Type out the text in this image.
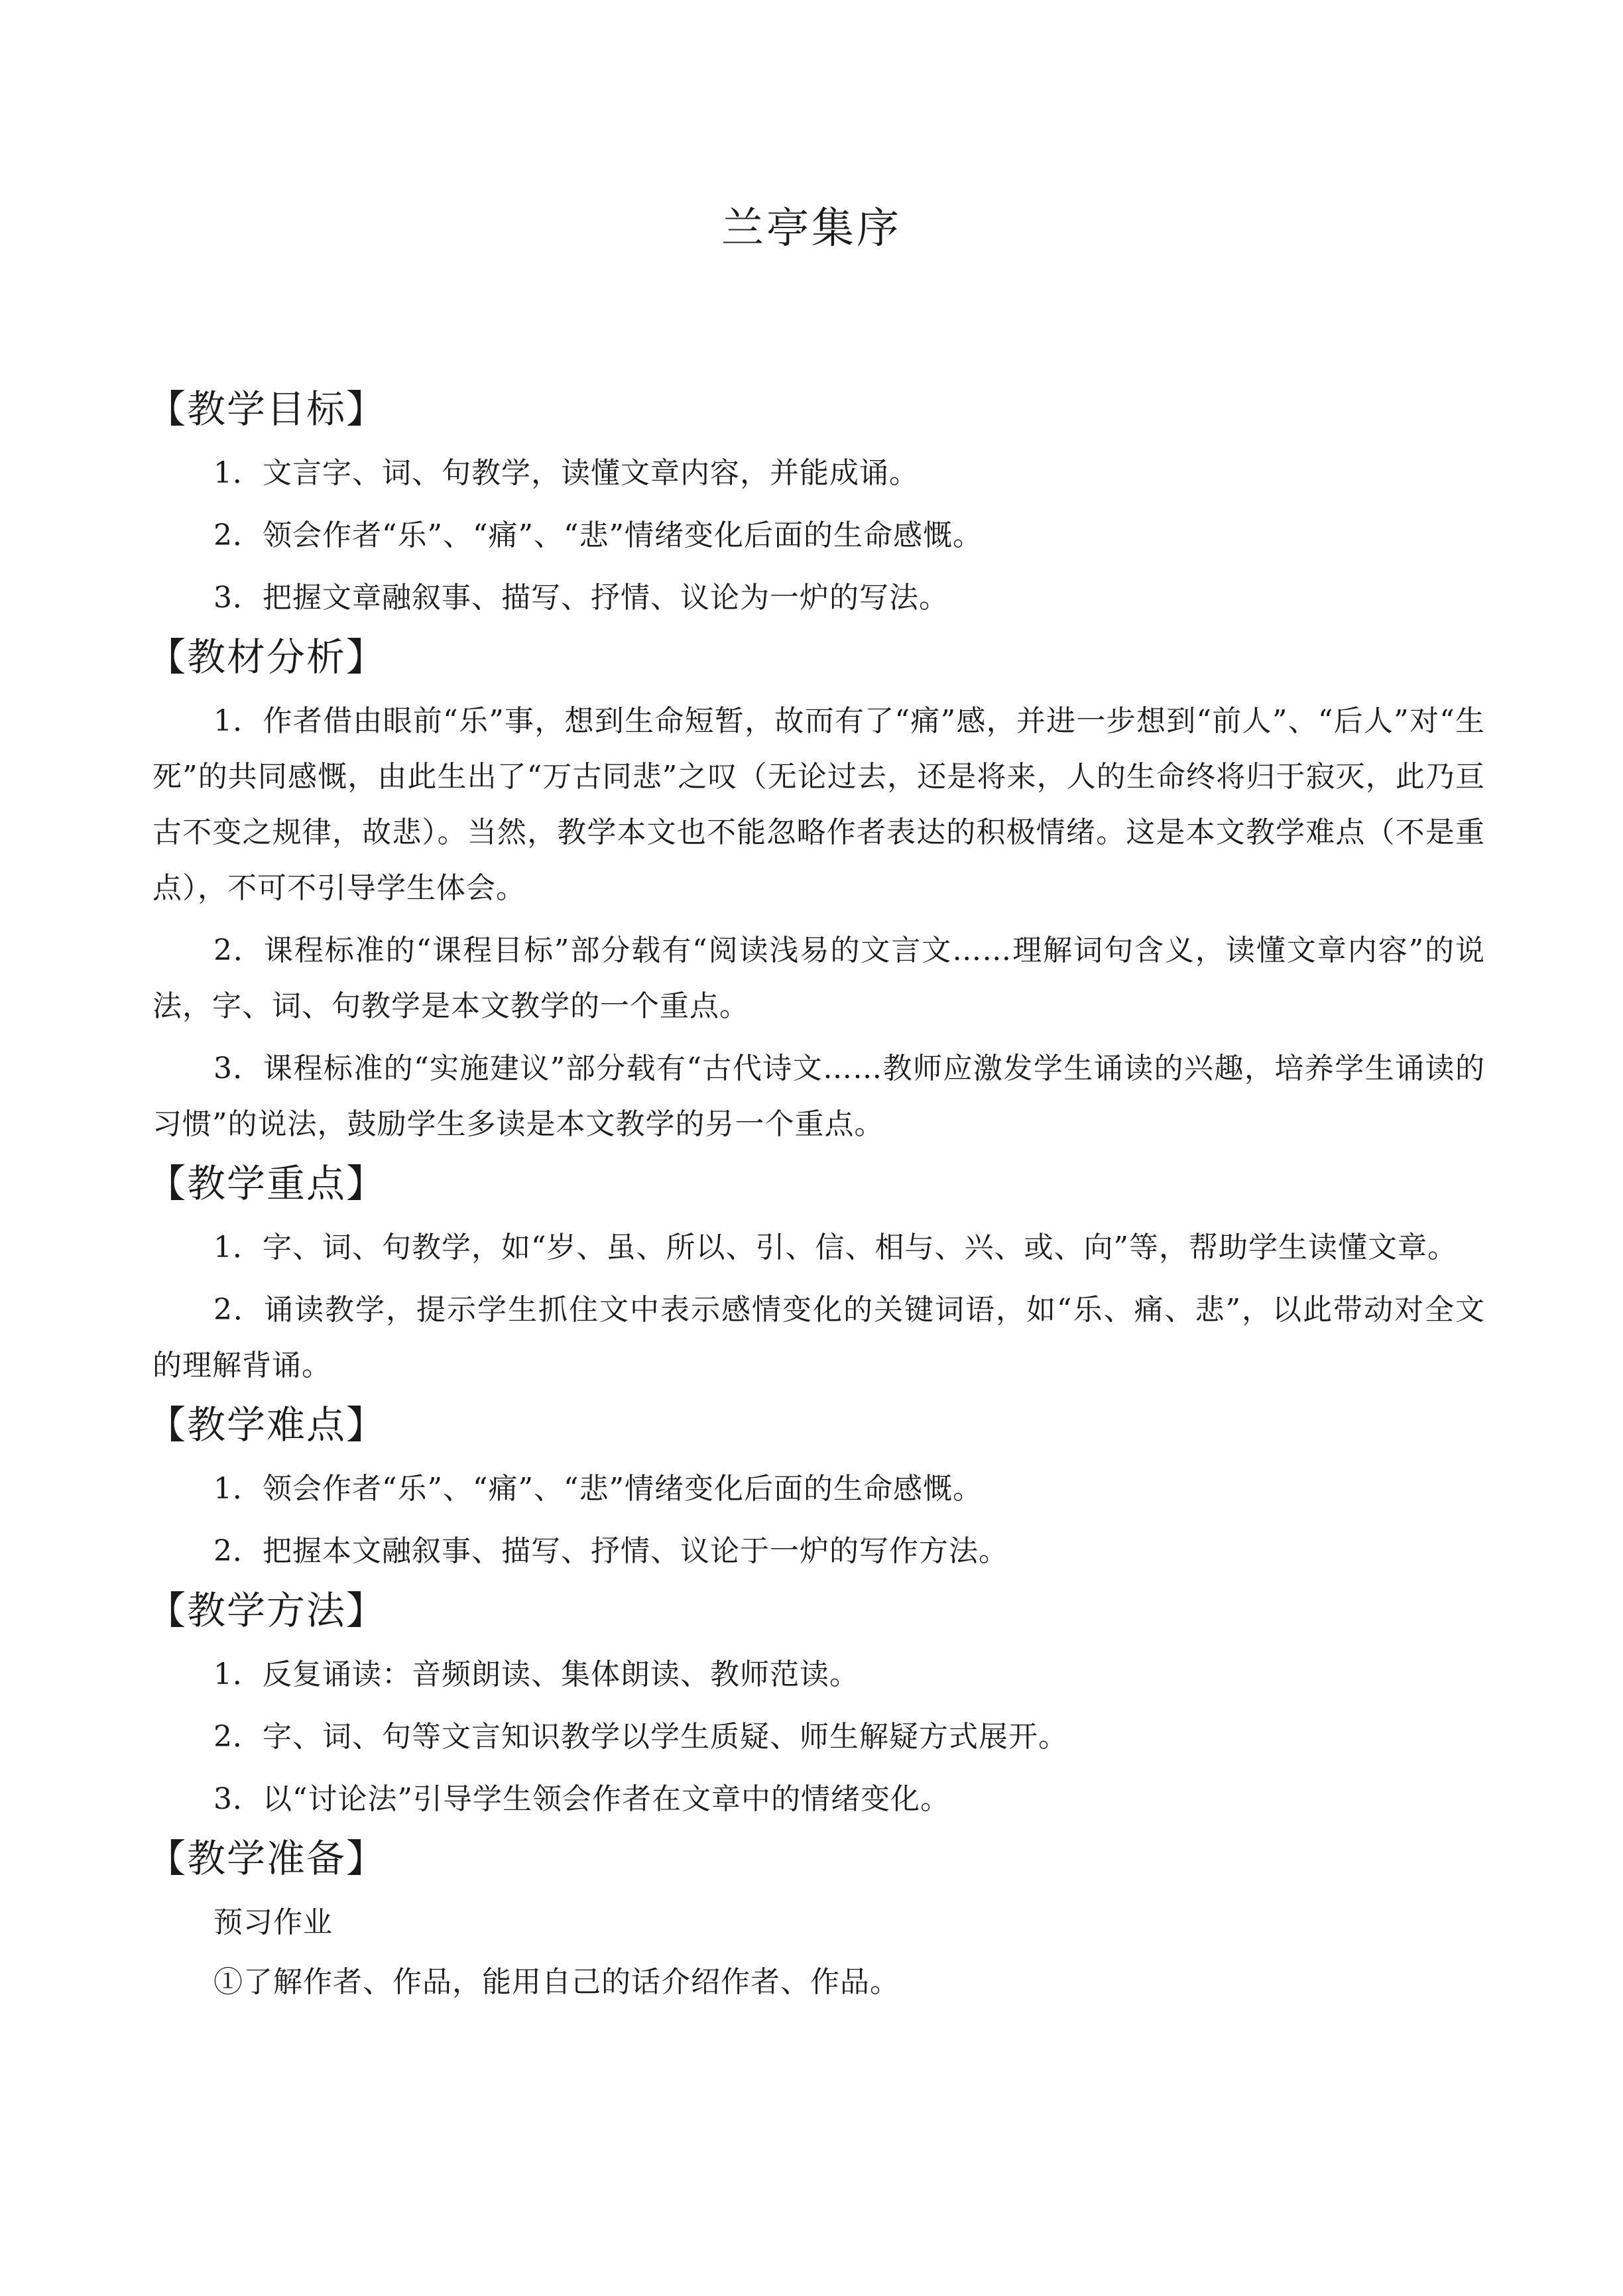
兰亭集序
【教学目标】
1．文言字、词、句教学，读懂文章内容，并能成诵。
2．领会作者“乐”、“痛”、“悲”情绪变化后面的生命感慨。
3．把握文章融叙事、描写、抒情、议论为一炉的写法。
【教材分析】
1．作者借由眼前“乐”事，想到生命短暂，故而有了“痛”感，并进一步想到“前人”、“后人”对“生死”的共同感慨，由此生出了“万古同悲”之叹（无论过去，还是将来，人的生命终将归于寂灭，此乃亘古不变之规律，故悲）。当然，教学本文也不能忽略作者表达的积极情绪。这是本文教学难点（不是重点），不可不引导学生体会。
2．课程标准的“课程目标”部分载有“阅读浅易的文言文……理解词句含义，读懂文章内容”的说法，字、词、句教学是本文教学的一个重点。
3．课程标准的“实施建议”部分载有“古代诗文……教师应激发学生诵读的兴趣，培养学生诵读的习惯”的说法，鼓励学生多读是本文教学的另一个重点。
【教学重点】
1．字、词、句教学，如“岁、虽、所以、引、信、相与、兴、或、向”等，帮助学生读懂文章。
2．诵读教学，提示学生抓住文中表示感情变化的关键词语，如“乐、痛、悲”，以此带动对全文的理解背诵。
【教学难点】
1．领会作者“乐”、“痛”、“悲”情绪变化后面的生命感慨。
2．把握本文融叙事、描写、抒情、议论于一炉的写作方法。
【教学方法】
1．反复诵读：音频朗读、集体朗读、教师范读。
2．字、词、句等文言知识教学以学生质疑、师生解疑方式展开。
3．以“讨论法”引导学生领会作者在文章中的情绪变化。
【教学准备】
预习作业
①了解作者、作品，能用自己的话介绍作者、作品。
